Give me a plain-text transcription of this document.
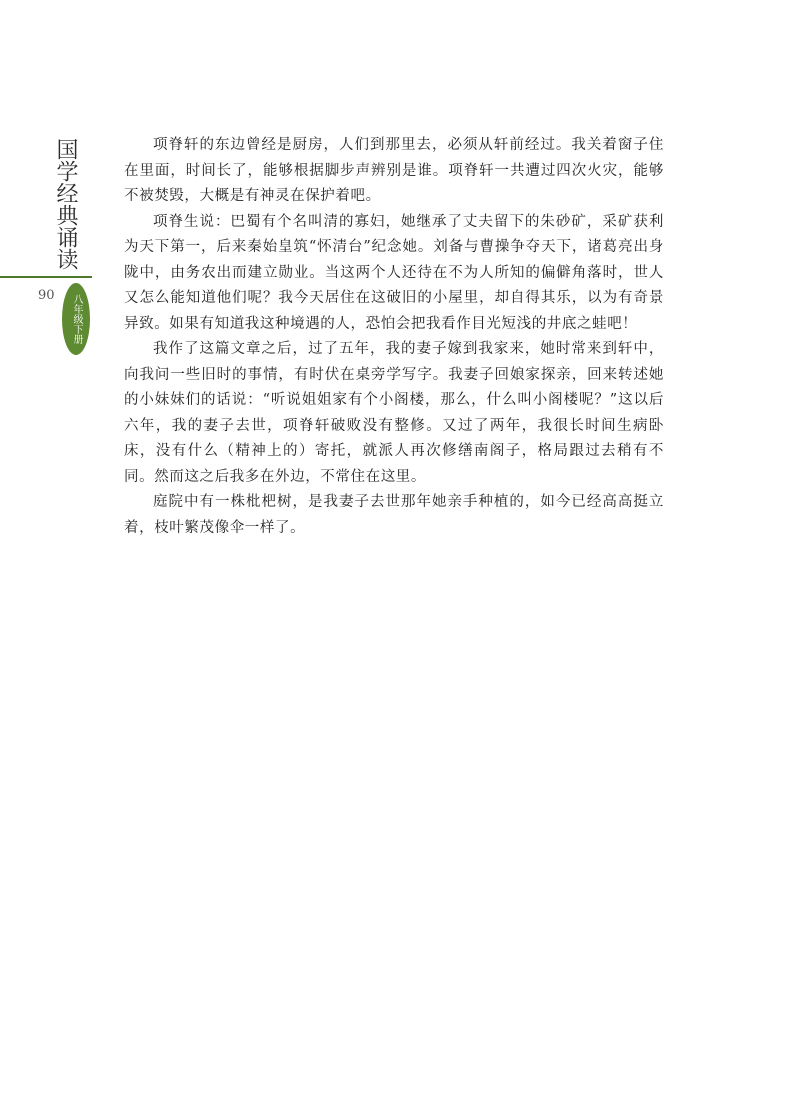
国学经典诵读
90 八年级下册

项脊轩的东边曾经是厨房，人们到那里去，必须从轩前经过。我关着窗子住在里面，时间长了，能够根据脚步声辨别是谁。项脊轩一共遭过四次火灾，能够不被焚毁，大概是有神灵在保护着吧。

项脊生说：巴蜀有个名叫清的寡妇，她继承了丈夫留下的朱砂矿，采矿获利为天下第一，后来秦始皇筑“怀清台”纪念她。刘备与曹操争夺天下，诸葛亮出身陇中，由务农出而建立勋业。当这两个人还待在不为人所知的偏僻角落时，世人又怎么能知道他们呢？我今天居住在这破旧的小屋里，却自得其乐，以为有奇景异致。如果有知道我这种境遇的人，恐怕会把我看作目光短浅的井底之蛙吧！

我作了这篇文章之后，过了五年，我的妻子嫁到我家来，她时常来到轩中，向我问一些旧时的事情，有时伏在桌旁学写字。我妻子回娘家探亲，回来转述她的小妹妹们的话说：“听说姐姐家有个小阁楼，那么，什么叫小阁楼呢？”这以后六年，我的妻子去世，项脊轩破败没有整修。又过了两年，我很长时间生病卧床，没有什么（精神上的）寄托，就派人再次修缮南阁子，格局跟过去稍有不同。然而这之后我多在外边，不常住在这里。

庭院中有一株枇杷树，是我妻子去世那年她亲手种植的，如今已经高高挺立着，枝叶繁茂像伞一样了。
